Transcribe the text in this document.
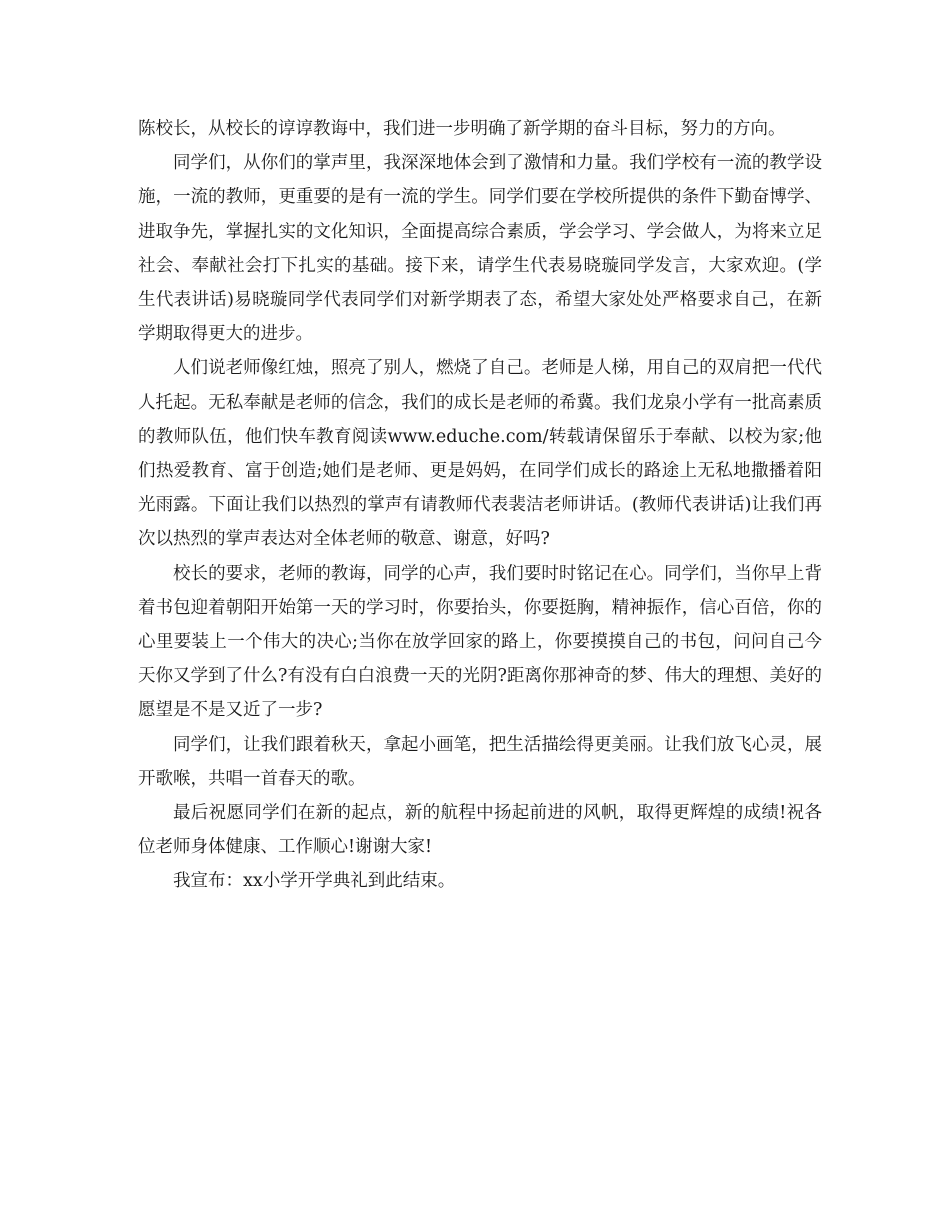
陈校长，从校长的谆谆教诲中，我们进一步明确了新学期的奋斗目标，努力的方向。

同学们，从你们的掌声里，我深深地体会到了激情和力量。我们学校有一流的教学设施，一流的教师，更重要的是有一流的学生。同学们要在学校所提供的条件下勤奋博学、进取争先，掌握扎实的文化知识，全面提高综合素质，学会学习、学会做人，为将来立足社会、奉献社会打下扎实的基础。接下来，请学生代表易晓璇同学发言，大家欢迎。(学生代表讲话)易晓璇同学代表同学们对新学期表了态，希望大家处处严格要求自己，在新学期取得更大的进步。

人们说老师像红烛，照亮了别人，燃烧了自己。老师是人梯，用自己的双肩把一代代人托起。无私奉献是老师的信念，我们的成长是老师的希冀。我们龙泉小学有一批高素质的教师队伍，他们快车教育阅读www.educhе.com/转载请保留乐于奉献、以校为家;他们热爱教育、富于创造;她们是老师、更是妈妈，在同学们成长的路途上无私地撒播着阳光雨露。下面让我们以热烈的掌声有请教师代表裴洁老师讲话。(教师代表讲话)让我们再次以热烈的掌声表达对全体老师的敬意、谢意，好吗?

校长的要求，老师的教诲，同学的心声，我们要时时铭记在心。同学们，当你早上背着书包迎着朝阳开始第一天的学习时，你要抬头，你要挺胸，精神振作，信心百倍，你的心里要装上一个伟大的决心;当你在放学回家的路上，你要摸摸自己的书包，问问自己今天你又学到了什么?有没有白白浪费一天的光阴?距离你那神奇的梦、伟大的理想、美好的愿望是不是又近了一步?

同学们，让我们跟着秋天，拿起小画笔，把生活描绘得更美丽。让我们放飞心灵，展开歌喉，共唱一首春天的歌。

最后祝愿同学们在新的起点，新的航程中扬起前进的风帆，取得更辉煌的成绩!祝各位老师身体健康、工作顺心!谢谢大家!

我宣布：xx小学开学典礼到此结束。
